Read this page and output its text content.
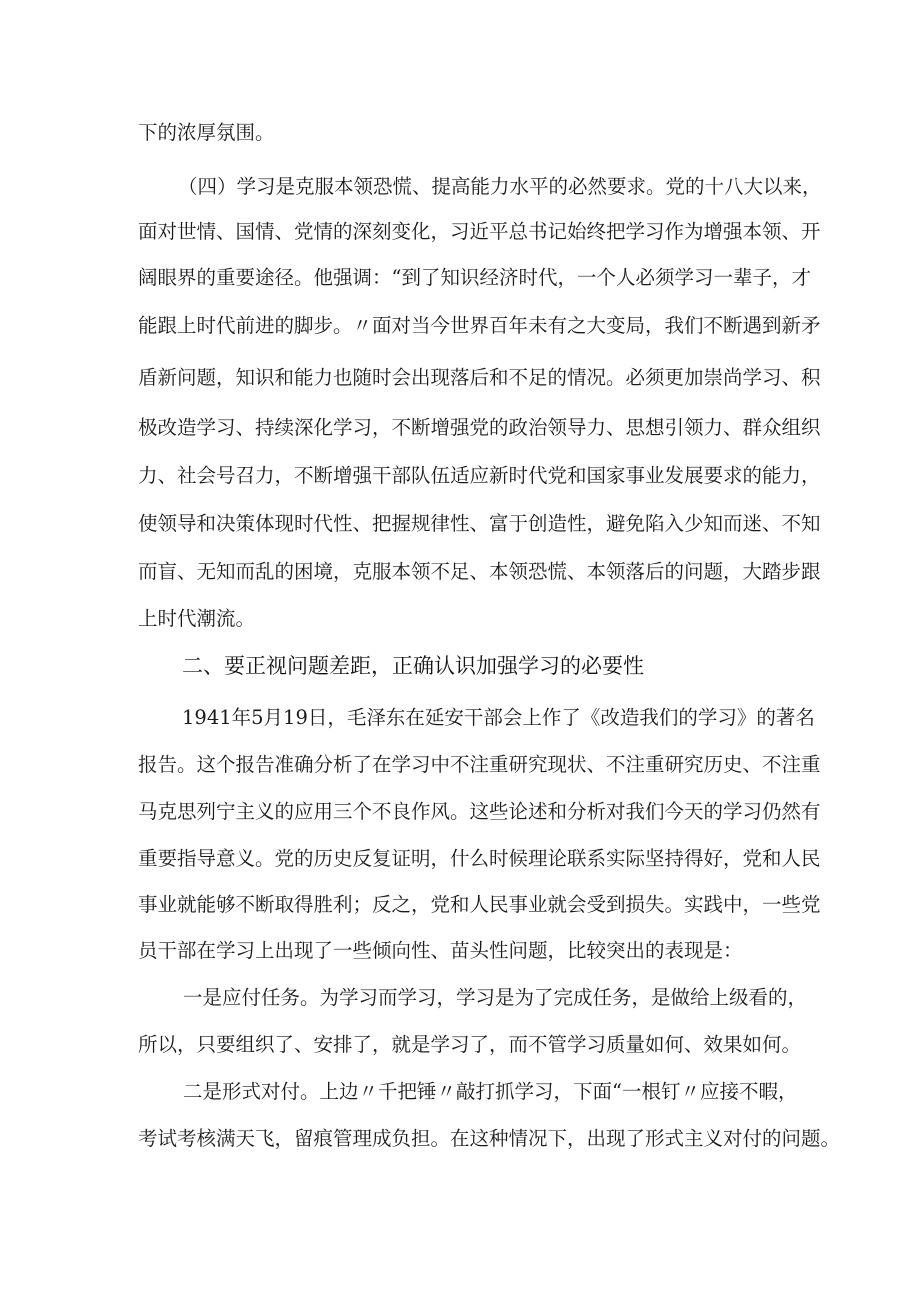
下的浓厚氛围。
（四）学习是克服本领恐慌、提高能力水平的必然要求。党的十八大以来，
面对世情、国情、党情的深刻变化，习近平总书记始终把学习作为增强本领、开
阔眼界的重要途径。他强调：“到了知识经济时代，一个人必须学习一辈子，才
能跟上时代前进的脚步。〃面对当今世界百年未有之大变局，我们不断遇到新矛
盾新问题，知识和能力也随时会出现落后和不足的情况。必须更加崇尚学习、积
极改造学习、持续深化学习，不断增强党的政治领导力、思想引领力、群众组织
力、社会号召力，不断增强干部队伍适应新时代党和国家事业发展要求的能力，
使领导和决策体现时代性、把握规律性、富于创造性，避免陷入少知而迷、不知
而盲、无知而乱的困境，克服本领不足、本领恐慌、本领落后的问题，大踏步跟
上时代潮流。
二、要正视问题差距，正确认识加强学习的必要性
1941年5月19日，毛泽东在延安干部会上作了《改造我们的学习》的著名
报告。这个报告准确分析了在学习中不注重研究现状、不注重研究历史、不注重
马克思列宁主义的应用三个不良作风。这些论述和分析对我们今天的学习仍然有
重要指导意义。党的历史反复证明，什么时候理论联系实际坚持得好，党和人民
事业就能够不断取得胜利；反之，党和人民事业就会受到损失。实践中，一些党
员干部在学习上出现了一些倾向性、苗头性问题，比较突出的表现是：
一是应付任务。为学习而学习，学习是为了完成任务，是做给上级看的，
所以，只要组织了、安排了，就是学习了，而不管学习质量如何、效果如何。
二是形式对付。上边〃千把锤〃敲打抓学习，下面“一根钉〃应接不暇，
考试考核满天飞，留痕管理成负担。在这种情况下，出现了形式主义对付的问题。
